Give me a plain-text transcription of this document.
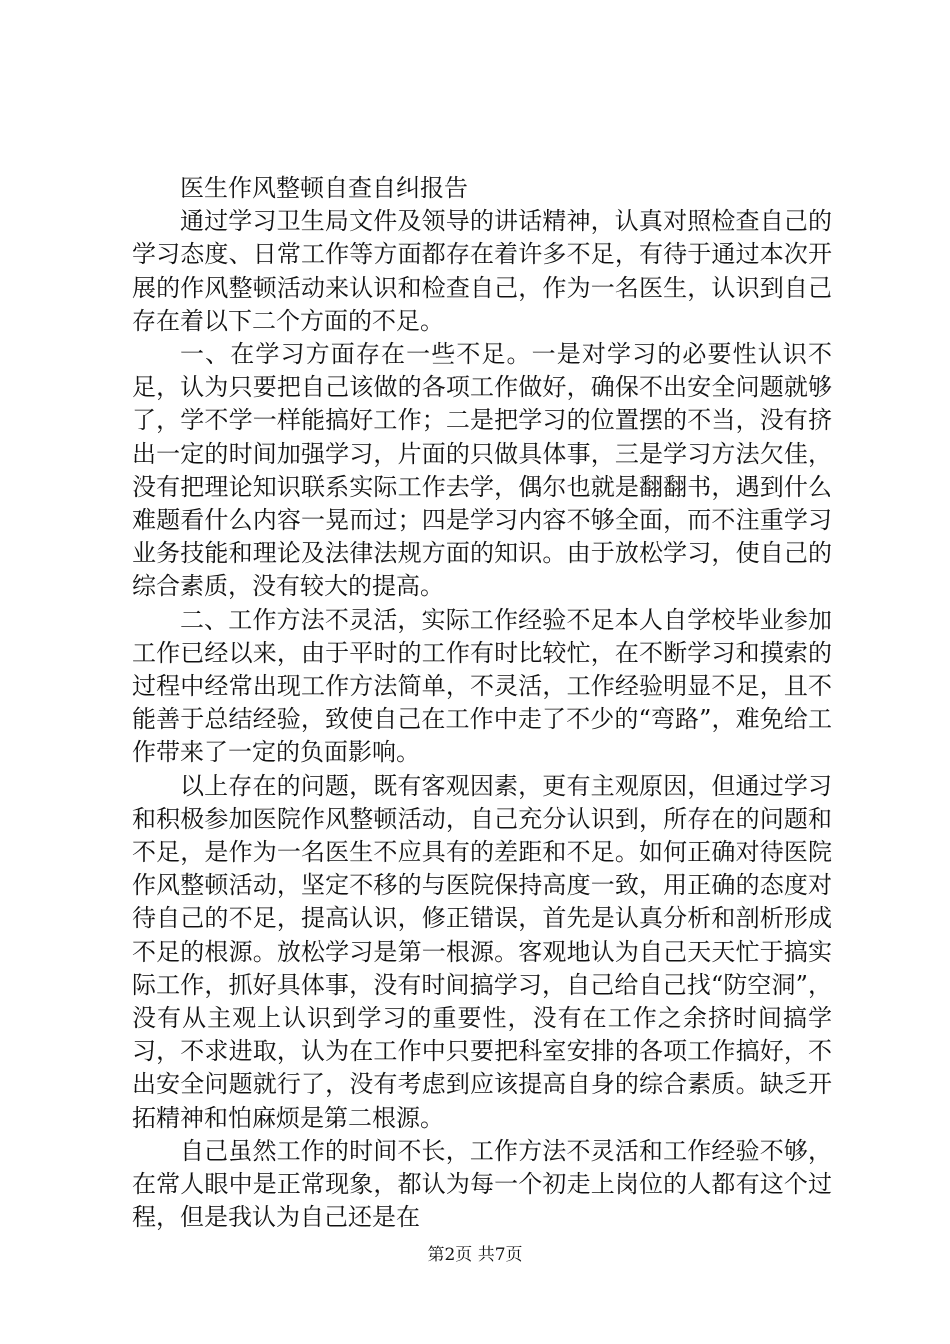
医生作风整顿自查自纠报告

通过学习卫生局文件及领导的讲话精神，认真对照检查自己的学习态度、日常工作等方面都存在着许多不足，有待于通过本次开展的作风整顿活动来认识和检查自己，作为一名医生，认识到自己存在着以下二个方面的不足。

一、在学习方面存在一些不足。一是对学习的必要性认识不足，认为只要把自己该做的各项工作做好，确保不出安全问题就够了，学不学一样能搞好工作；二是把学习的位置摆的不当，没有挤出一定的时间加强学习，片面的只做具体事，三是学习方法欠佳，没有把理论知识联系实际工作去学，偶尔也就是翻翻书，遇到什么难题看什么内容一晃而过；四是学习内容不够全面，而不注重学习业务技能和理论及法律法规方面的知识。由于放松学习，使自己的综合素质，没有较大的提高。

二、工作方法不灵活，实际工作经验不足本人自学校毕业参加工作已经以来，由于平时的工作有时比较忙，在不断学习和摸索的过程中经常出现工作方法简单，不灵活，工作经验明显不足，且不能善于总结经验，致使自己在工作中走了不少的“弯路”，难免给工作带来了一定的负面影响。

以上存在的问题，既有客观因素，更有主观原因，但通过学习和积极参加医院作风整顿活动，自己充分认识到，所存在的问题和不足，是作为一名医生不应具有的差距和不足。如何正确对待医院作风整顿活动，坚定不移的与医院保持高度一致，用正确的态度对待自己的不足，提高认识，修正错误，首先是认真分析和剖析形成不足的根源。放松学习是第一根源。客观地认为自己天天忙于搞实际工作，抓好具体事，没有时间搞学习，自己给自己找“防空洞”，没有从主观上认识到学习的重要性，没有在工作之余挤时间搞学习，不求进取，认为在工作中只要把科室安排的各项工作搞好，不出安全问题就行了，没有考虑到应该提高自身的综合素质。缺乏开拓精神和怕麻烦是第二根源。

自己虽然工作的时间不长，工作方法不灵活和工作经验不够，在常人眼中是正常现象，都认为每一个初走上岗位的人都有这个过程，但是我认为自己还是在

第2页 共7页
